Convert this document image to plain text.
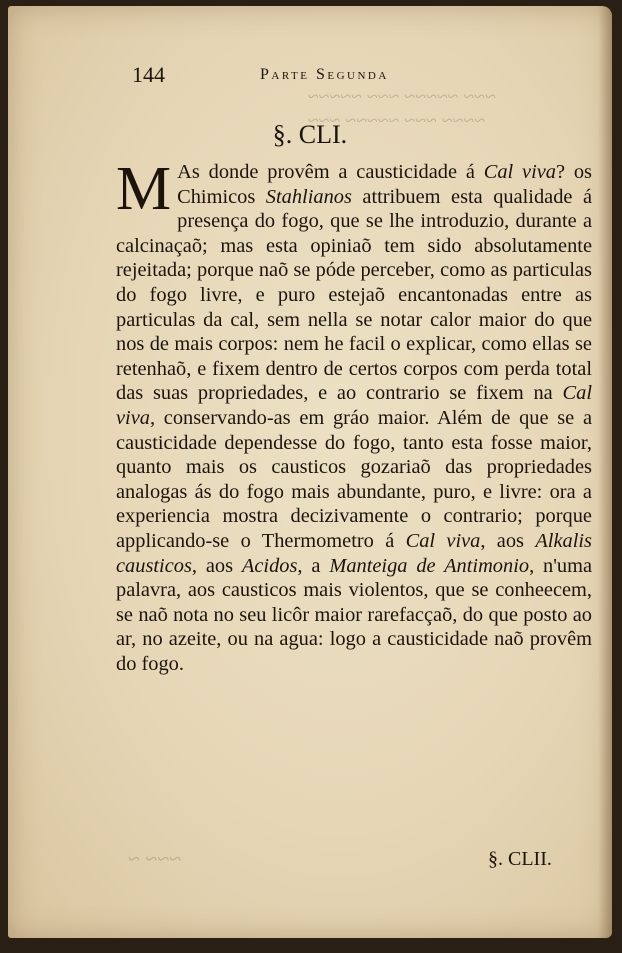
~~~ ~~~~~ ~~~ ~~~~~
~~~~ ~~~ ~~~~~ ~~~
~~~ ~
144	Parte Segunda
§. CLI.
M As donde provêm a causticidade á Cal viva? os Chimicos Stahlianos attribuem esta qualidade á presença do fogo, que se lhe introduzio, durante a calcinaçaõ; mas esta opiniaõ tem sido absolutamente rejeitada; porque naõ se póde perceber, como as particulas do fogo livre, e puro estejaõ encantonadas entre as particulas da cal, sem nella se notar calor maior do que nos de mais corpos: nem he facil o explicar, como ellas se retenhaõ, e fixem dentro de certos corpos com perda total das suas propriedades, e ao contrario se fixem na Cal viva, conservando-as em gráo maior. Além de que se a causticidade dependesse do fogo, tanto esta fosse maior, quanto mais os causticos gozariaõ das propriedades analogas ás do fogo mais abundante, puro, e livre: ora a experiencia mostra decizivamente o contrario; porque applicando-se o Thermometro á Cal viva, aos Alkalis causticos, aos Acidos, a Manteiga de Antimonio, n'uma palavra, aos causticos mais violentos, que se conheecem, se naõ nota no seu licôr maior rarefacçaõ, do que posto ao ar, no azeite, ou na agua: logo a causticidade naõ provêm do fogo.
§. CLII.
